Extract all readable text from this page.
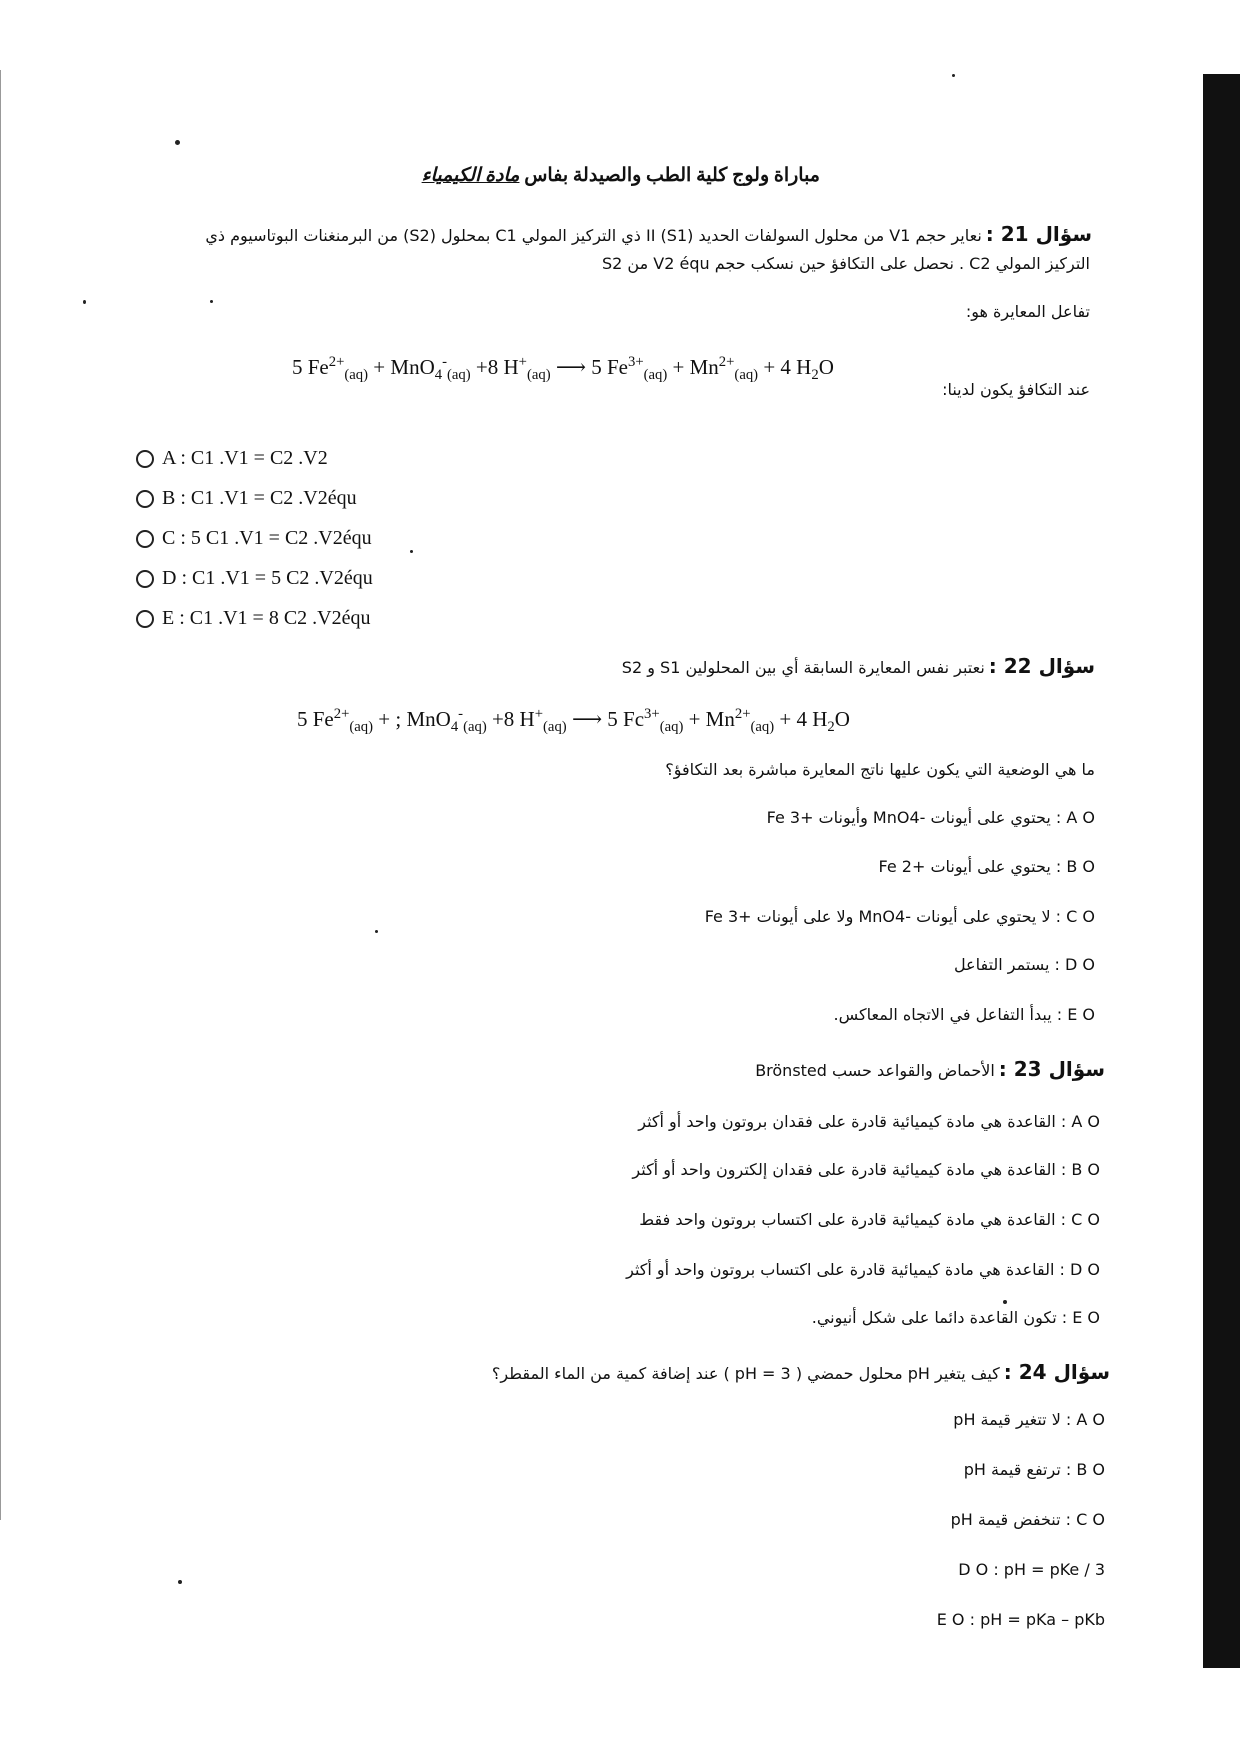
مباراة ولوج كلية الطب والصيدلة بفاس مادة الكيمياء
سؤال 21 : نعاير حجم V1 من محلول السولفات الحديد II (S1) ذي التركيز المولي C1 بمحلول (S2) من البرمنغنات البوتاسيوم ذي
التركيز المولي C2 . نحصل على التكافؤ حين نسكب حجم V2 équ من S2
تفاعل المعايرة هو:
5 $Fe^{2+}_{(aq)} + MnO_4^-_{(aq)} +8$ $H^+_{(aq)}$ ⟶ 5 $Fe^{3+}_{(aq)} + Mn^{2+}_{(aq)} + 4$ $H_2O$
عند التكافؤ يكون لدينا:
A : C1 .V1 = C2 .V2
B : C1 .V1 = C2 .V2équ
C : 5 C1 .V1 = C2 .V2équ
D : C1 .V1 = 5 C2 .V2équ
E : C1 .V1 = 8 C2 .V2équ
سؤال 22 : نعتبر نفس المعايرة السابقة أي بين المحلولين S1 و S2
5 $Fe^{2+}_{(aq)}$ + ; MnO$_4$-$_{(aq)}$ +8 $H^+_{(aq)}$ ⟶ 5 $Fc^{3+}_{(aq)} + Mn^{2+}_{(aq)} + 4$ $H_2O$
ما هي الوضعية التي يكون عليها ناتج المعايرة مباشرة بعد التكافؤ؟
A O : يحتوي على أيونات -MnO4 وأيونات +Fe 3
B O : يحتوي على أيونات +Fe 2
C O : لا يحتوي على أيونات -MnO4 ولا على أيونات +Fe 3
D O : يستمر التفاعل
E O : يبدأ التفاعل في الاتجاه المعاكس.
سؤال 23 : الأحماض والقواعد حسب Brönsted
A O : القاعدة هي مادة كيميائية قادرة على فقدان بروتون واحد أو أكثر
B O : القاعدة هي مادة كيميائية قادرة على فقدان إلكترون واحد أو أكثر
C O : القاعدة هي مادة كيميائية قادرة على اكتساب بروتون واحد فقط
D O : القاعدة هي مادة كيميائية قادرة على اكتساب بروتون واحد أو أكثر
E O : تكون القاعدة دائما على شكل أنيوني.
سؤال 24 : كيف يتغير pH محلول حمضي ( pH = 3 ) عند إضافة كمية من الماء المقطر؟
A O : لا تتغير قيمة pH
B O : ترتفع قيمة pH
C O : تنخفض قيمة pH
D O : pH = pKe / 3
E O : pH = pKa – pKb
